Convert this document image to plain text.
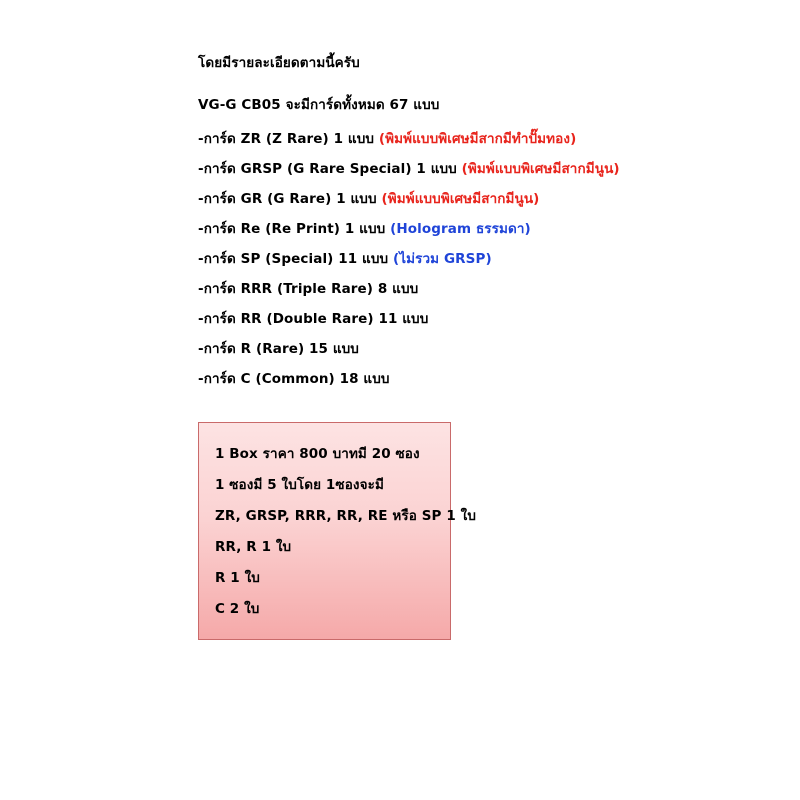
โดยมีรายละเอียดตามนี้ครับ
VG-G CB05 จะมีการ์ดทั้งหมด 67 แบบ
-การ์ด ZR (Z Rare) 1 แบบ (พิมพ์แบบพิเศษมีสากมีทำปั๊มทอง)
-การ์ด GRSP (G Rare Special) 1 แบบ (พิมพ์แบบพิเศษมีสากมีนูน)
-การ์ด GR (G Rare) 1 แบบ (พิมพ์แบบพิเศษมีสากมีนูน)
-การ์ด Re (Re Print) 1 แบบ (Hologram ธรรมดา)
-การ์ด SP (Special) 11 แบบ (ไม่รวม GRSP)
-การ์ด RRR (Triple Rare) 8 แบบ
-การ์ด RR (Double Rare) 11 แบบ
-การ์ด R (Rare) 15 แบบ
-การ์ด C (Common) 18 แบบ
1 Box ราคา 800 บาทมี 20 ซอง
1 ซองมี 5 ใบโดย 1ซองจะมี
ZR, GRSP, RRR, RR, RE หรือ SP 1 ใบ
RR, R 1 ใบ
R 1 ใบ
C 2 ใบ
